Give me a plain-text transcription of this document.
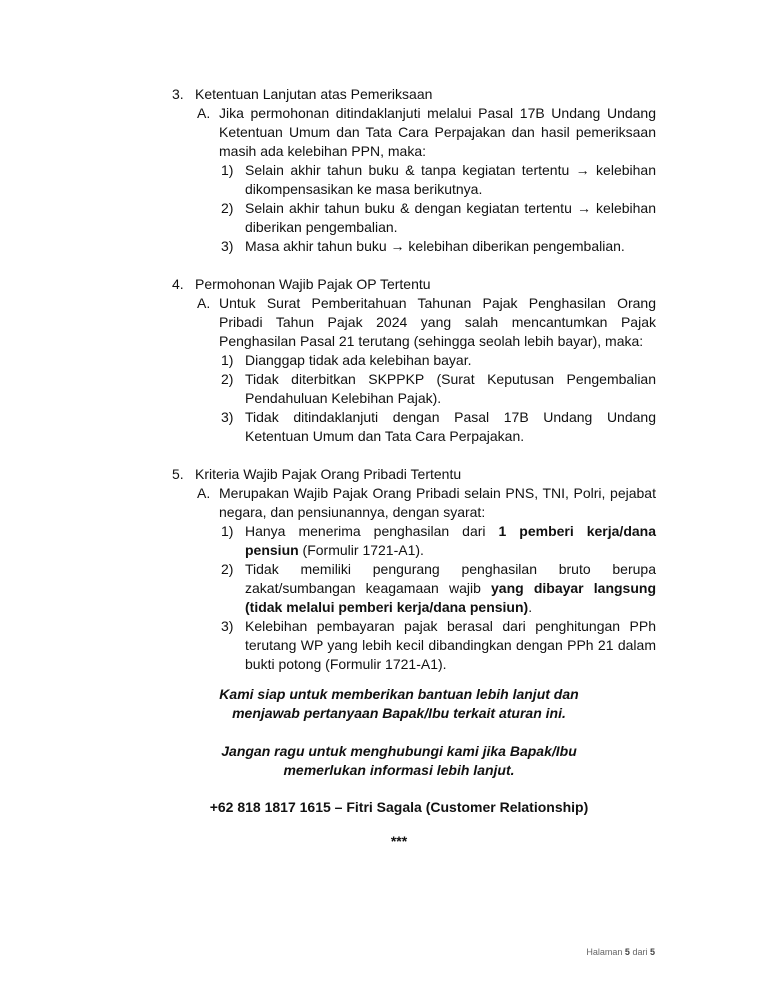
3. Ketentuan Lanjutan atas Pemeriksaan
A. Jika permohonan ditindaklanjuti melalui Pasal 17B Undang Undang Ketentuan Umum dan Tata Cara Perpajakan dan hasil pemeriksaan masih ada kelebihan PPN, maka:
1) Selain akhir tahun buku & tanpa kegiatan tertentu → kelebihan dikompensasikan ke masa berikutnya.
2) Selain akhir tahun buku & dengan kegiatan tertentu → kelebihan diberikan pengembalian.
3) Masa akhir tahun buku → kelebihan diberikan pengembalian.
4. Permohonan Wajib Pajak OP Tertentu
A. Untuk Surat Pemberitahuan Tahunan Pajak Penghasilan Orang Pribadi Tahun Pajak 2024 yang salah mencantumkan Pajak Penghasilan Pasal 21 terutang (sehingga seolah lebih bayar), maka:
1) Dianggap tidak ada kelebihan bayar.
2) Tidak diterbitkan SKPPKP (Surat Keputusan Pengembalian Pendahuluan Kelebihan Pajak).
3) Tidak ditindaklanjuti dengan Pasal 17B Undang Undang Ketentuan Umum dan Tata Cara Perpajakan.
5. Kriteria Wajib Pajak Orang Pribadi Tertentu
A. Merupakan Wajib Pajak Orang Pribadi selain PNS, TNI, Polri, pejabat negara, dan pensiunannya, dengan syarat:
1) Hanya menerima penghasilan dari 1 pemberi kerja/dana pensiun (Formulir 1721-A1).
2) Tidak memiliki pengurang penghasilan bruto berupa zakat/sumbangan keagamaan wajib yang dibayar langsung (tidak melalui pemberi kerja/dana pensiun).
3) Kelebihan pembayaran pajak berasal dari penghitungan PPh terutang WP yang lebih kecil dibandingkan dengan PPh 21 dalam bukti potong (Formulir 1721-A1).
Kami siap untuk memberikan bantuan lebih lanjut dan
menjawab pertanyaan Bapak/Ibu terkait aturan ini.
Jangan ragu untuk menghubungi kami jika Bapak/Ibu
memerlukan informasi lebih lanjut.
+62 818 1817 1615 – Fitri Sagala (Customer Relationship)
***
Halaman 5 dari 5
